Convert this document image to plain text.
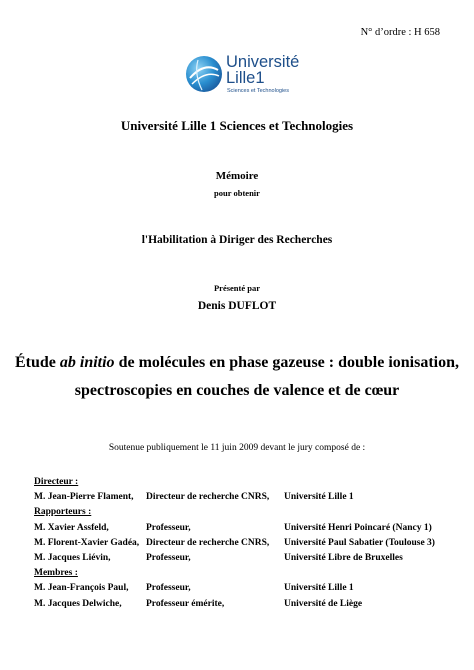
N° d’ordre : H 658
Université
Lille1
Sciences et Technologies
Université Lille 1 Sciences et Technologies
Mémoire
pour obtenir
l'Habilitation à Diriger des Recherches
Présenté par
Denis DUFLOT
Étude ab initio de molécules en phase gazeuse : double ionisation,
spectroscopies en couches de valence et de cœur
Soutenue publiquement le 11 juin 2009 devant le jury composé de :
Directeur :
M. Jean-Pierre Flament,	Directeur de recherche CNRS,	Université Lille 1
Rapporteurs :
M. Xavier Assfeld,	Professeur,	Université Henri Poincaré (Nancy 1)
M. Florent-Xavier Gadéa, Directeur de recherche CNRS,	Université Paul Sabatier (Toulouse 3)
M. Jacques Liévin,	Professeur,	Université Libre de Bruxelles
Membres :
M. Jean-François Paul,	Professeur,	Université Lille 1
M. Jacques Delwiche,	Professeur émérite,	Université de Liège
